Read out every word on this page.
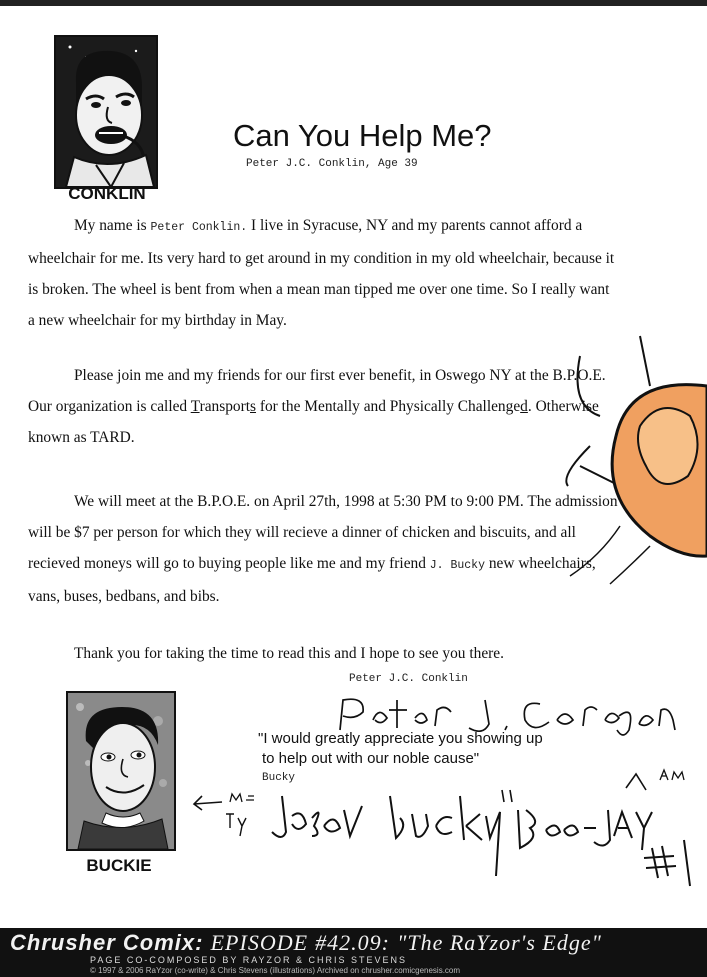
CONKLIN
Can You Help Me?
Peter J.C. Conklin, Age 39

My name is Peter Conklin. I live in Syracuse, NY and my parents cannot afford a wheelchair for me. Its very hard to get around in my condition in my old wheelchair, because it is broken. The wheel is bent from when a mean man tipped me over one time. So I really want a new wheelchair for my birthday in May.

Please join me and my friends for our first ever benefit, in Oswego NY at the B.P.O.E. Our organization is called Transports for the Mentally and Physically Challenged. Otherwise known as TARD.

We will meet at the B.P.O.E. on April 27th, 1998 at 5:30 PM to 9:00 PM. The admission will be $7 per person for which they will recieve a dinner of chicken and biscuits, and all recieved moneys will go to buying people like me and my friend J. Bucky new wheelchairs, vans, buses, bedbans, and bibs.

Thank you for taking the time to read this and I hope to see you there.

Peter J.C. Conklin
BUCKIE
"I would greatly appreciate you showing up
to help out with our noble cause"
Bucky
Chrusher Comix: EPISODE #42.09: "The RaYzor's Edge"
PAGE CO-COMPOSED BY RAYZOR & CHRIS STEVENS
© 1997 & 2006 RaYzor (co-write) & Chris Stevens (illustrations) Archived on chrusher.comicgenesis.com
